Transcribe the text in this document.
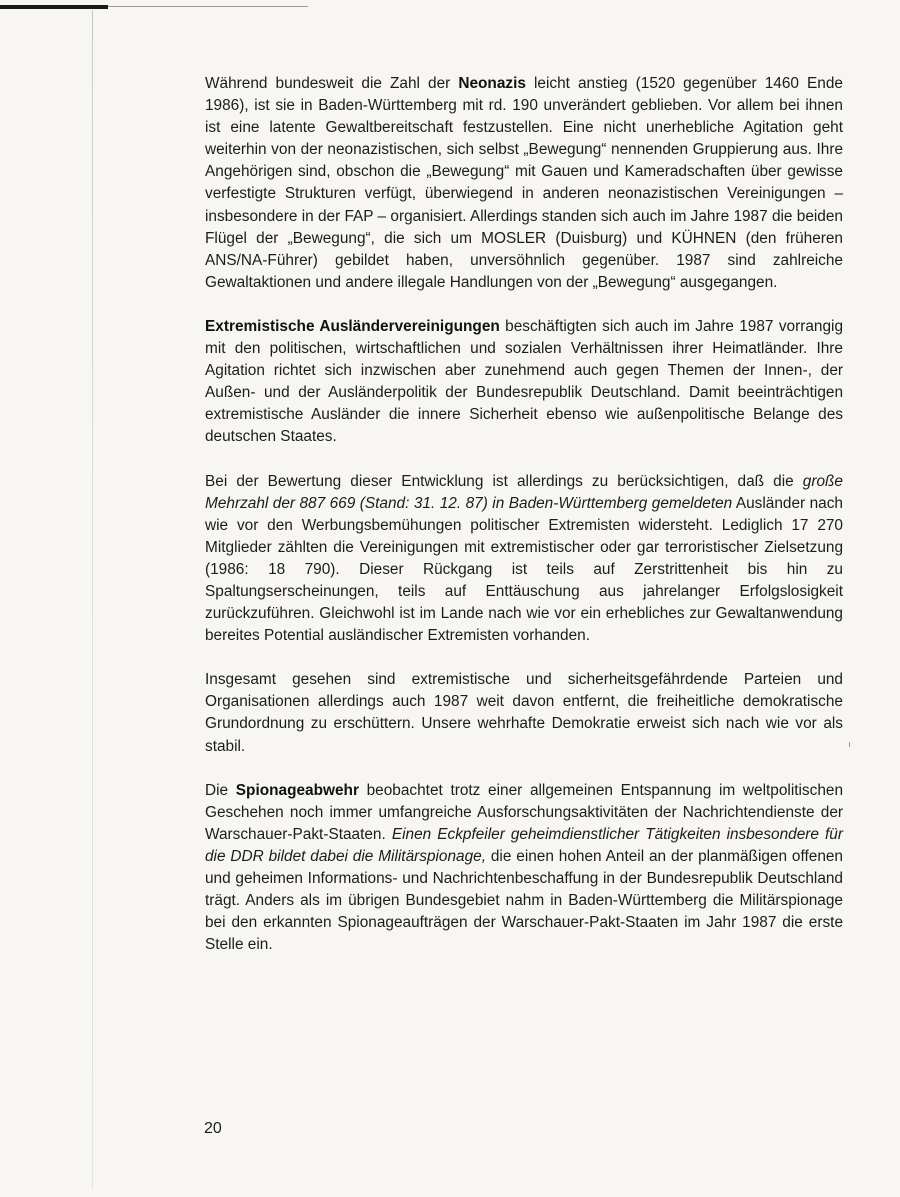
Während bundesweit die Zahl der Neonazis leicht anstieg (1520 gegenüber 1460 Ende 1986), ist sie in Baden-Württemberg mit rd. 190 unverändert geblieben. Vor allem bei ihnen ist eine latente Gewaltbereitschaft festzustellen. Eine nicht unerhebliche Agitation geht weiterhin von der neonazistischen, sich selbst „Bewegung“ nennenden Gruppierung aus. Ihre Angehörigen sind, obschon die „Bewegung“ mit Gauen und Kameradschaften über gewisse verfestigte Strukturen verfügt, überwiegend in anderen neonazistischen Vereinigungen – insbesondere in der FAP – organisiert. Allerdings standen sich auch im Jahre 1987 die beiden Flügel der „Bewegung“, die sich um MOSLER (Duisburg) und KÜHNEN (den früheren ANS/NA-Führer) gebildet haben, unversöhnlich gegenüber. 1987 sind zahlreiche Gewaltaktionen und andere illegale Handlungen von der „Bewegung“ ausgegangen.

Extremistische Ausländervereinigungen beschäftigten sich auch im Jahre 1987 vorrangig mit den politischen, wirtschaftlichen und sozialen Verhältnissen ihrer Heimatländer. Ihre Agitation richtet sich inzwischen aber zunehmend auch gegen Themen der Innen-, der Außen- und der Ausländerpolitik der Bundesrepublik Deutschland. Damit beeinträchtigen extremistische Ausländer die innere Sicherheit ebenso wie außenpolitische Belange des deutschen Staates.

Bei der Bewertung dieser Entwicklung ist allerdings zu berücksichtigen, daß die große Mehrzahl der 887 669 (Stand: 31. 12. 87) in Baden-Württemberg gemeldeten Ausländer nach wie vor den Werbungsbemühungen politischer Extremisten widersteht. Lediglich 17 270 Mitglieder zählten die Vereinigungen mit extremistischer oder gar terroristischer Zielsetzung (1986: 18 790). Dieser Rückgang ist teils auf Zerstrittenheit bis hin zu Spaltungserscheinungen, teils auf Enttäuschung aus jahrelanger Erfolgslosigkeit zurückzuführen. Gleichwohl ist im Lande nach wie vor ein erhebliches zur Gewaltanwendung bereites Potential ausländischer Extremisten vorhanden.

Insgesamt gesehen sind extremistische und sicherheitsgefährdende Parteien und Organisationen allerdings auch 1987 weit davon entfernt, die freiheitliche demokratische Grundordnung zu erschüttern. Unsere wehrhafte Demokratie erweist sich nach wie vor als stabil.

Die Spionageabwehr beobachtet trotz einer allgemeinen Entspannung im weltpolitischen Geschehen noch immer umfangreiche Ausforschungsaktivitäten der Nachrichtendienste der Warschauer-Pakt-Staaten. Einen Eckpfeiler geheimdienstlicher Tätigkeiten insbesondere für die DDR bildet dabei die Militärspionage, die einen hohen Anteil an der planmäßigen offenen und geheimen Informations- und Nachrichtenbeschaffung in der Bundesrepublik Deutschland trägt. Anders als im übrigen Bundesgebiet nahm in Baden-Württemberg die Militärspionage bei den erkannten Spionageaufträgen der Warschauer-Pakt-Staaten im Jahr 1987 die erste Stelle ein.

20
